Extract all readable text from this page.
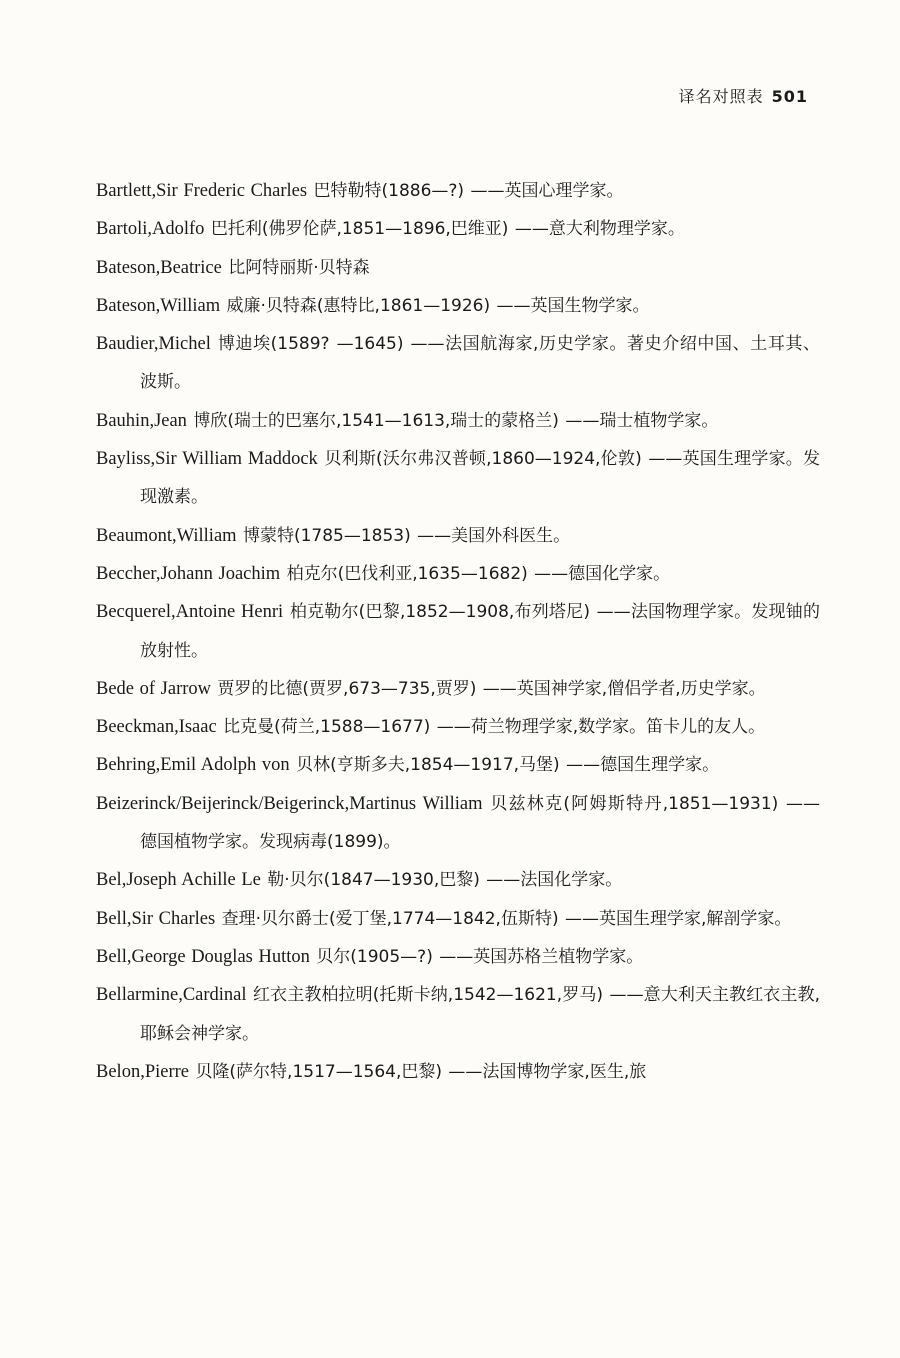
译名对照表 501
Bartlett,Sir Frederic Charles 巴特勒特(1886—?) ——英国心理学家。
Bartoli,Adolfo 巴托利(佛罗伦萨,1851—1896,巴维亚) ——意大利物理学家。
Bateson,Beatrice 比阿特丽斯·贝特森
Bateson,William 威廉·贝特森(惠特比,1861—1926) ——英国生物学家。
Baudier,Michel 博迪埃(1589? —1645) ——法国航海家,历史学家。著史介绍中国、土耳其、波斯。
Bauhin,Jean 博欣(瑞士的巴塞尔,1541—1613,瑞士的蒙格兰) ——瑞士植物学家。
Bayliss,Sir William Maddock 贝利斯(沃尔弗汉普顿,1860—1924,伦敦) ——英国生理学家。发现激素。
Beaumont,William 博蒙特(1785—1853) ——美国外科医生。
Beccher,Johann Joachim 柏克尔(巴伐利亚,1635—1682) ——德国化学家。
Becquerel,Antoine Henri 柏克勒尔(巴黎,1852—1908,布列塔尼) ——法国物理学家。发现铀的放射性。
Bede of Jarrow 贾罗的比德(贾罗,673—735,贾罗) ——英国神学家,僧侣学者,历史学家。
Beeckman,Isaac 比克曼(荷兰,1588—1677) ——荷兰物理学家,数学家。笛卡儿的友人。
Behring,Emil Adolph von 贝林(亨斯多夫,1854—1917,马堡) ——德国生理学家。
Beizerinck/Beijerinck/Beigerinck,Martinus William 贝兹林克(阿姆斯特丹,1851—1931) ——德国植物学家。发现病毒(1899)。
Bel,Joseph Achille Le 勒·贝尔(1847—1930,巴黎) ——法国化学家。
Bell,Sir Charles 查理·贝尔爵士(爱丁堡,1774—1842,伍斯特) ——英国生理学家,解剖学家。
Bell,George Douglas Hutton 贝尔(1905—?) ——英国苏格兰植物学家。
Bellarmine,Cardinal 红衣主教柏拉明(托斯卡纳,1542—1621,罗马) ——意大利天主教红衣主教,耶稣会神学家。
Belon,Pierre 贝隆(萨尔特,1517—1564,巴黎) ——法国博物学家,医生,旅
